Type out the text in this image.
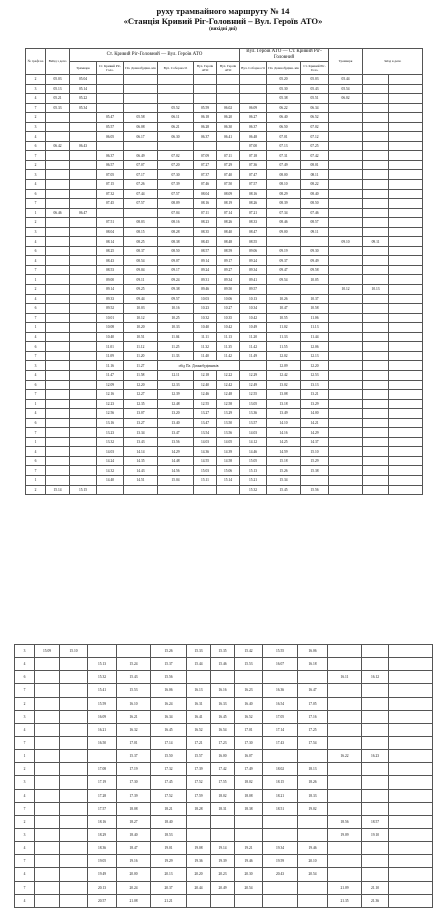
руху трамвайного маршруту № 14
«Станція Кривий Ріг-Головний – Вул. Героїв АТО»
(вихідні дні)
№ графі ка	Виїзд з депо	Ст. Кривий Ріг-Головний — Вул. Героїв АТО						Вул. Героїв АТО — Ст. Кривий Ріг-Головний			Трамварк	Заїзд в депо		
		Трамварк	Ст. Кривий Ріг-Голо.	Пл. Домнобудівн. ків	Вул. Соборності	Вул. Героїв АТО	Вул. Героїв АТО	Вул. Соборності	Пл. Домнобудівн. ків	Ст. Кривий Ріг-Голо.				
2	05.03	05.04							05.20	05.03	05.44			
3	05.13	05.14							05.30	05.43	05.54			
4	05.21	05.22							05.38	05.51	06.02			
7	05.33	05.34			05.52	05.59	06.02	06.09	06.22	06.34				
2			05.47	05.58	06.11	06.18	06.20	06.27	06.40	06.52				
3			05.57	06.08	06.21	06.28	06.30	06.37	06.50	07.02				
4			06.05	06.17	06.30	06.37	06.41	06.48	07.01	07.12				
6	06.42	06.43						07.00	07.13	07.25				
7			06.37	06.49	07.02	07.09	07.11	07.18	07.31	07.42				
2			06.57	07.07	07.20	07.27	07.29	07.36	07.49	08.01				
3			07.05	07.17	07.30	07.37	07.40	07.47	08.00	08.11				
4			07.15	07.26	07.39	07.46	07.50	07.57	08.10	08.22				
6			07.32	07.44	07.57	08.04	08.09	08.16	08.29	08.40				
7			07.45	07.57	08.09	08.16	08.19	08.26	08.39	08.50				
1	06.46	06.47			07.04	07.11	07.14	07.21	07.34	07.46				
2			07.51	08.03	08.16	08.23	08.26	08.33	08.46	08.57				
3			08.04	08.15	08.28	08.35	08.40	08.47	09.00	09.11				
4			08.14	08.25	08.38	08.45	08.48	08.55			09.10	09.11		
6			08.25	08.37	08.50	08.57	08.59	09.06	09.19	09.30				
4			08.43	08.54	09.07	09.14	09.17	09.24	09.37	09.49				
7			08.53	09.04	09.17	09.24	09.27	09.34	09.47	09.58				
1			09.00	09.11	09.24	09.31	09.34	09.41	09.54	10.05				
2			09.14	09.25	09.38	09.46	09.50	09.57			10.12	10.13		
4			09.33	09.44	09.57	10.03	10.06	10.13	10.26	10.37				
6			09.52	10.03	10.16	10.23	10.27	10.34	10.47	10.58				
7			10.01	10.12	10.25	10.32	10.35	10.42	10.55	11.06				
1			10.08	10.20	10.33	10.40	10.42	10.49	11.02	11.13				
4			10.40	10.51	11.04	11.11	11.13	11.20	11.33	11.44				
6			11.01	11.12	11.25	11.32	11.35	11.42	11.55	12.06				
7			11.09	11.20	11.33	11.40	11.42	11.49	12.02	12.13				
3			11.16	11.27	обід Пл. Домнобудівників				12.09	12.20				
4			11.47	11.58	12.11	12.18	12.22	12.29	12.42	12.53				
6			12.09	12.20	12.33	12.40	12.42	12.49	13.02	13.13				
7			12.16	12.27	12.39	12.46	12.48	12.55	13.08	13.21				
1			12.23	12.35	12.48	12.55	12.58	13.05	13.18	13.29				
4			12.56	13.07	13.20	13.27	13.29	13.36	13.49	14.00				
6			13.16	13.27	13.40	13.47	13.50	13.57	14.10	14.21				
7			13.23	13.34	13.47	13.54	13.56	14.03	14.16	14.29				
1			13.32	13.43	13.56	14.03	14.05	14.12	14.25	14.37				
4			14.03	14.14	14.29	14.36	14.39	14.46	14.59	15.10				
6			14.24	14.35	14.48	14.55	14.58	15.05	15.18	15.29				
7			14.32	14.43	14.56	15.03	15.06	15.13	15.26	15.38				
1			14.40	14.51	15.04	15.11	15.14	15.21	15.34					
2	15.14	15.15						15.32	15.45	15.56				
3	15.09	15.10			15.26	15.33	15.35	15.42	15.55	16.06				
4			15.13	15.24	15.37	15.44	15.46	15.53	16.07	16.18				
6			15.32	15.43	15.56						16.11	16.12		
7			15.41	15.53	16.06	16.13	16.16	16.23	16.36	16.47				
2			15.59	16.10	16.24	16.31	16.33	16.40	16.54	17.05				
3			16.09	16.21	16.34	16.41	16.45	16.52	17.05	17.16				
4			16.21	16.32	16.45	16.52	16.54	17.01	17.14	17.25				
7			16.50	17.01	17.14	17.21	17.23	17.30	17.43	17.54				
1				15.37	15.50	15.57	16.00	16.07			16.22	16.23		
2			17.08	17.19	17.32	17.39	17.42	17.49	18.02	18.13				
3			17.19	17.30	17.45	17.52	17.55	18.02	18.15	18.26				
4			17.28	17.39	17.52	17.59	18.02	18.08	18.21	18.33				
7			17.57	18.08	18.21	18.28	18.31	18.38	18.51	19.02				
2			18.16	18.27	18.40						18.56	18.57		
3			18.29	18.40	18.53						19.09	19.10		
4			18.36	18.47	19.01	19.08	19.14	19.21	19.34	19.46				
7			19.05	19.16	19.29	19.36	19.39	19.46	19.59	20.10				
4			19.49	20.00	20.13	20.20	20.23	20.30	20.43	20.54				
7			20.13	20.24	20.37	20.44	20.49	20.54			21.09	21.10		
4			20.57	21.08	21.21						21.35	21.36		
